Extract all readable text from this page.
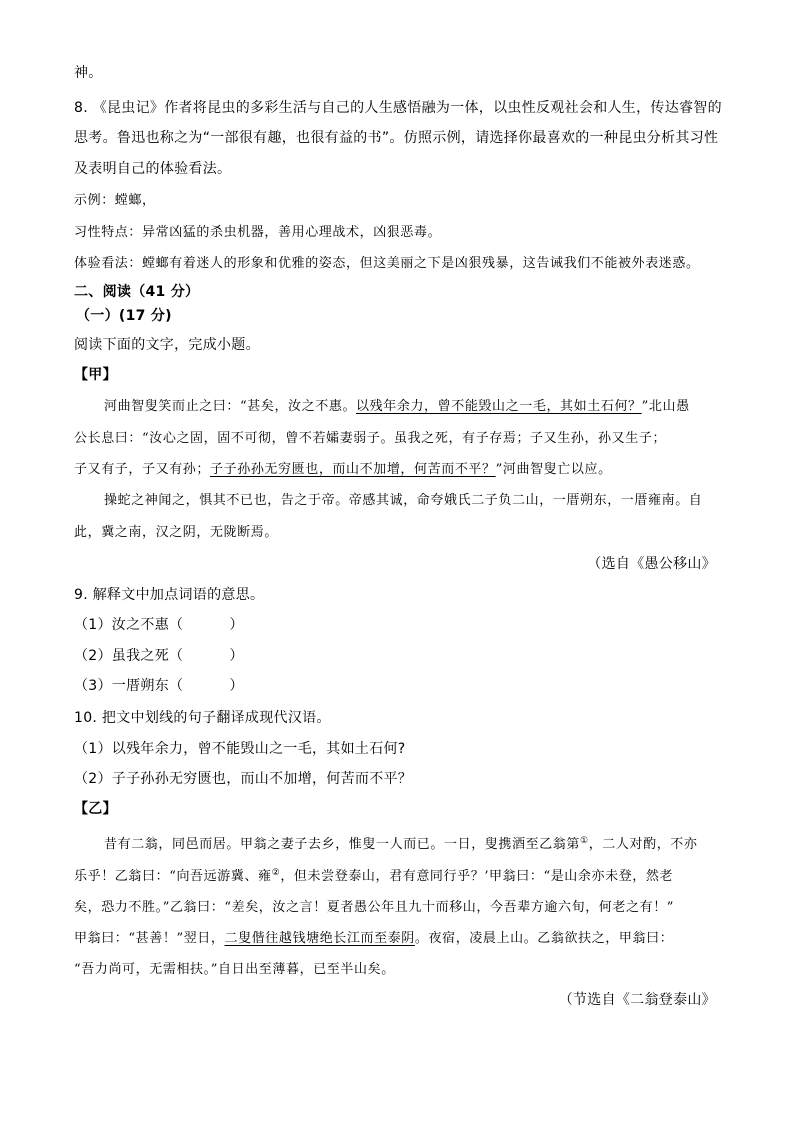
神。
8. 《昆虫记》作者将昆虫的多彩生活与自己的人生感悟融为一体，以虫性反观社会和人生，传达睿智的
思考。鲁迅也称之为“一部很有趣，也很有益的书”。仿照示例，请选择你最喜欢的一种昆虫分析其习性
及表明自己的体验看法。
示例：螳螂，
习性特点：异常凶猛的杀虫机器，善用心理战术，凶狠恶毒。
体验看法：螳螂有着迷人的形象和优雅的姿态，但这美丽之下是凶狠残暴，这告诫我们不能被外表迷惑。
二、阅读（41 分）
（一）(17 分)
阅读下面的文字，完成小题。
【甲】
河曲智叟笑而止之曰：“甚矣，汝之不惠。以残年余力，曾不能毁山之一毛，其如土石何？”北山愚
公长息曰：“汝心之固，固不可彻，曾不若孀妻弱子。虽我之死，有子存焉；子又生孙，孙又生子；
子又有子，子又有孙；子子孙孙无穷匮也，而山不加增，何苦而不平？”河曲智叟亡以应。
操蛇之神闻之，惧其不已也，告之于帝。帝感其诚，命夸娥氏二子负二山，一厝朔东，一厝雍南。自
此，冀之南，汉之阴，无陇断焉。
（选自《愚公移山》
9. 解释文中加点词语的意思。
（1）汝之不惠（	）
（2）虽我之死（	）
（3）一厝朔东（	）
10. 把文中划线的句子翻译成现代汉语。
（1）以残年余力，曾不能毁山之一毛，其如土石何?
（2）子子孙孙无穷匮也，而山不加增，何苦而不平？
【乙】
昔有二翁，同邑而居。甲翁之妻子去乡，惟叟一人而已。一日，叟携酒至乙翁第①，二人对酌，不亦
乐乎！乙翁曰：“向吾远游冀、雍②，但未尝登泰山，君有意同行乎？’甲翁曰：“是山余亦未登，然老
矣，恐力不胜。”乙翁曰：“差矣，汝之言！夏者愚公年且九十而移山，今吾辈方逾六旬，何老之有！”
甲翁曰：“甚善！”翌日，二叟偕往越钱塘绝长江而至泰阴。夜宿，凌晨上山。乙翁欲扶之，甲翁曰：
“吾力尚可，无需相扶。”自日出至薄暮，已至半山矣。
（节选自《二翁登泰山》
